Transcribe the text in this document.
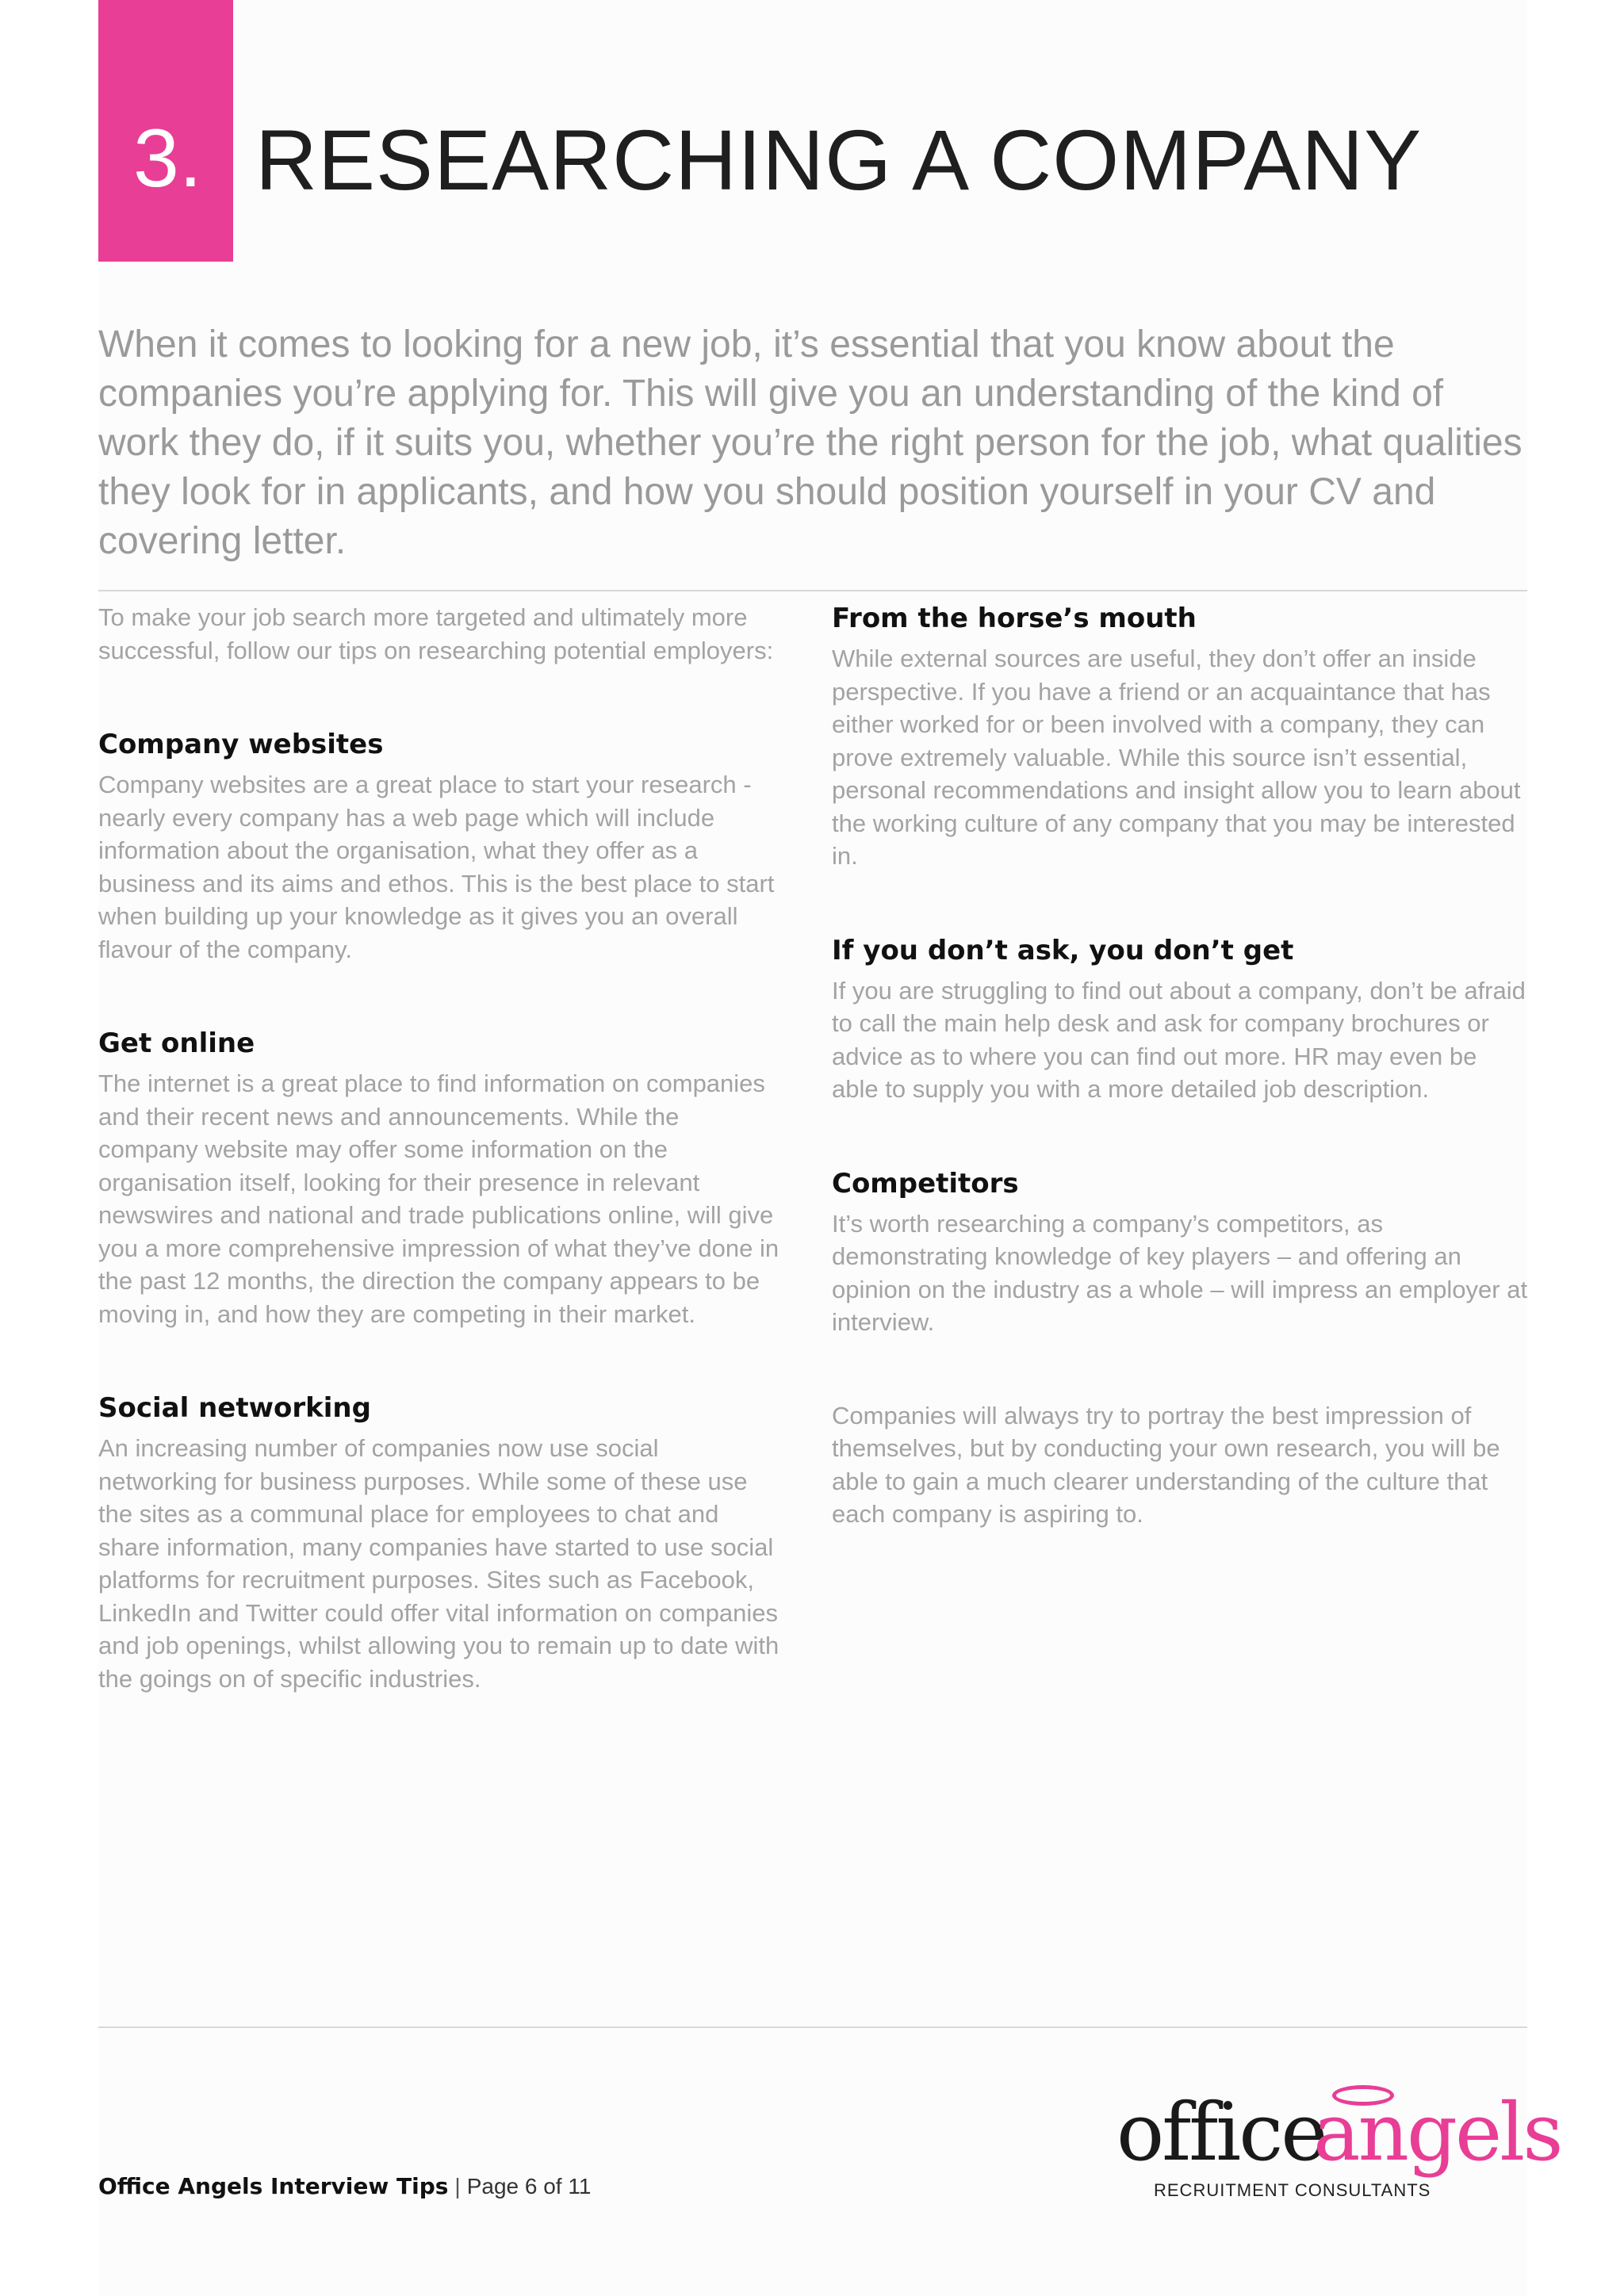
3. RESEARCHING A COMPANY
When it comes to looking for a new job, it’s essential that you know about the companies you’re applying for. This will give you an understanding of the kind of work they do, if it suits you, whether you’re the right person for the job, what qualities they look for in applicants, and how you should position yourself in your CV and covering letter.

To make your job search more targeted and ultimately more successful, follow our tips on researching potential employers:

Company websites

Company websites are a great place to start your research - nearly every company has a web page which will include information about the organisation, what they offer as a business and its aims and ethos. This is the best place to start when building up your knowledge as it gives you an overall flavour of the company.

Get online

The internet is a great place to find information on companies and their recent news and announcements. While the company website may offer some information on the organisation itself, looking for their presence in relevant newswires and national and trade publications online, will give you a more comprehensive impression of what they’ve done in the past 12 months, the direction the company appears to be moving in, and how they are competing in their market.

Social networking

An increasing number of companies now use social networking for business purposes. While some of these use the sites as a communal place for employees to chat and share information, many companies have started to use social platforms for recruitment purposes. Sites such as Facebook, LinkedIn and Twitter could offer vital information on companies and job openings, whilst allowing you to remain up to date with the goings on of specific industries.

From the horse’s mouth

While external sources are useful, they don’t offer an inside perspective. If you have a friend or an acquaintance that has either worked for or been involved with a company, they can prove extremely valuable. While this source isn’t essential, personal recommendations and insight allow you to learn about the working culture of any company that you may be interested in.

If you don’t ask, you don’t get

If you are struggling to find out about a company, don’t be afraid to call the main help desk and ask for company brochures or advice as to where you can find out more. HR may even be able to supply you with a more detailed job description.

Competitors

It’s worth researching a company’s competitors, as demonstrating knowledge of key players – and offering an opinion on the industry as a whole – will impress an employer at interview.

Companies will always try to portray the best impression of themselves, but by conducting your own research, you will be able to gain a much clearer understanding of the culture that each company is aspiring to.

Office Angels Interview Tips | Page 6 of 11
office
angels
RECRUITMENT CONSULTANTS
